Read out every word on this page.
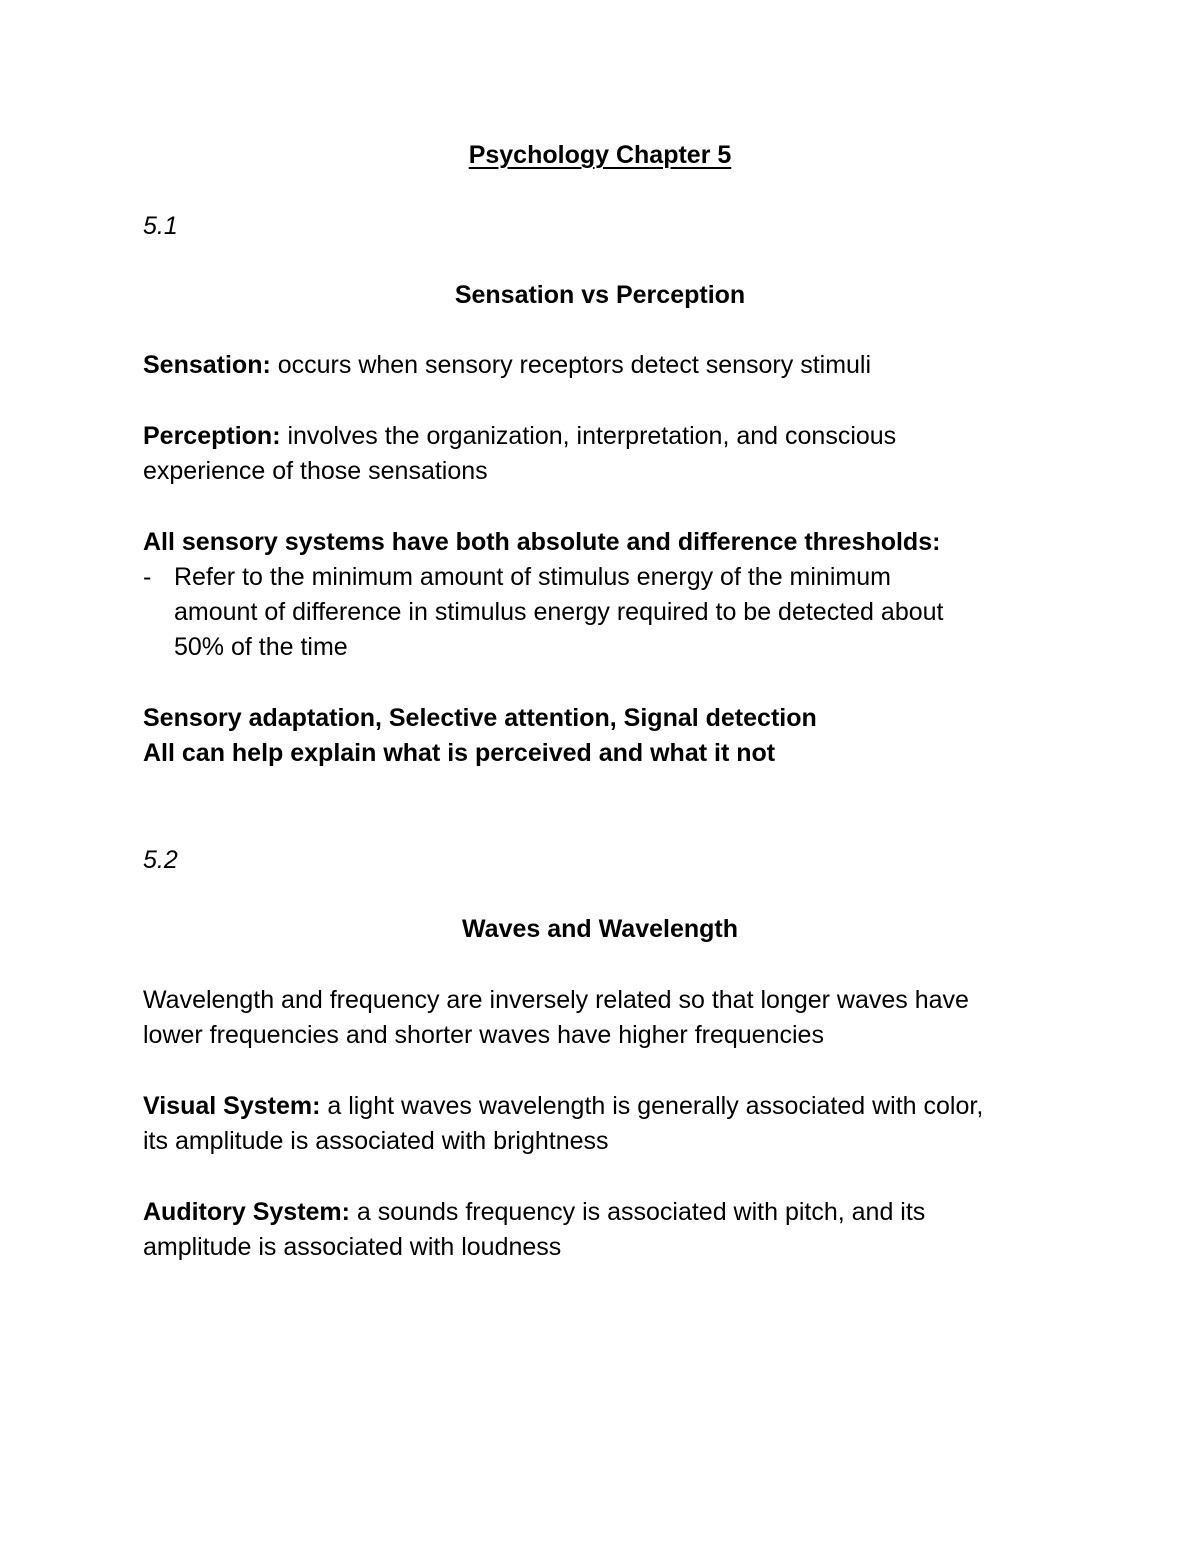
Psychology Chapter 5

5.1

Sensation vs Perception

Sensation: occurs when sensory receptors detect sensory stimuli

Perception: involves the organization, interpretation, and conscious

experience of those sensations

All sensory systems have both absolute and difference thresholds:

- Refer to the minimum amount of stimulus energy of the minimum

amount of difference in stimulus energy required to be detected about

50% of the time

Sensory adaptation, Selective attention, Signal detection

All can help explain what is perceived and what it not

5.2

Waves and Wavelength

Wavelength and frequency are inversely related so that longer waves have

lower frequencies and shorter waves have higher frequencies

Visual System: a light waves wavelength is generally associated with color,

its amplitude is associated with brightness

Auditory System: a sounds frequency is associated with pitch, and its

amplitude is associated with loudness
